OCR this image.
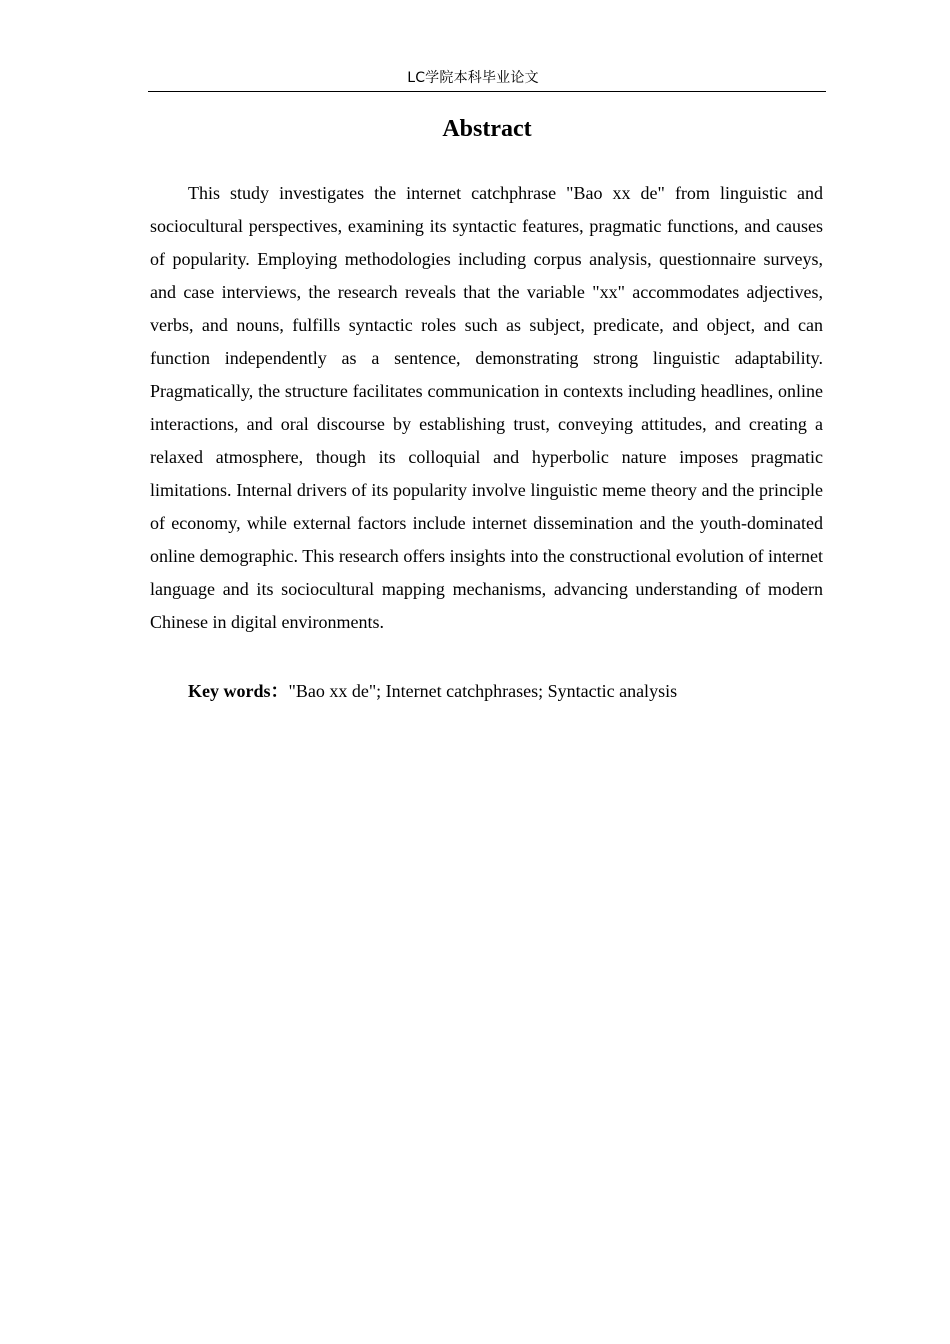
LC学院本科毕业论文
Abstract

This study investigates the internet catchphrase "Bao xx de" from linguistic and sociocultural perspectives, examining its syntactic features, pragmatic functions, and causes of popularity. Employing methodologies including corpus analysis, questionnaire surveys, and case interviews, the research reveals that the variable "xx" accommodates adjectives, verbs, and nouns, fulfills syntactic roles such as subject, predicate, and object, and can function independently as a sentence, demonstrating strong linguistic adaptability. Pragmatically, the structure facilitates communication in contexts including headlines, online interactions, and oral discourse by establishing trust, conveying attitudes, and creating a relaxed atmosphere, though its colloquial and hyperbolic nature imposes pragmatic limitations. Internal drivers of its popularity involve linguistic meme theory and the principle of economy, while external factors include internet dissemination and the youth-dominated online demographic. This research offers insights into the constructional evolution of internet language and its sociocultural mapping mechanisms, advancing understanding of modern Chinese in digital environments.

Key words："Bao xx de"; Internet catchphrases; Syntactic analysis
